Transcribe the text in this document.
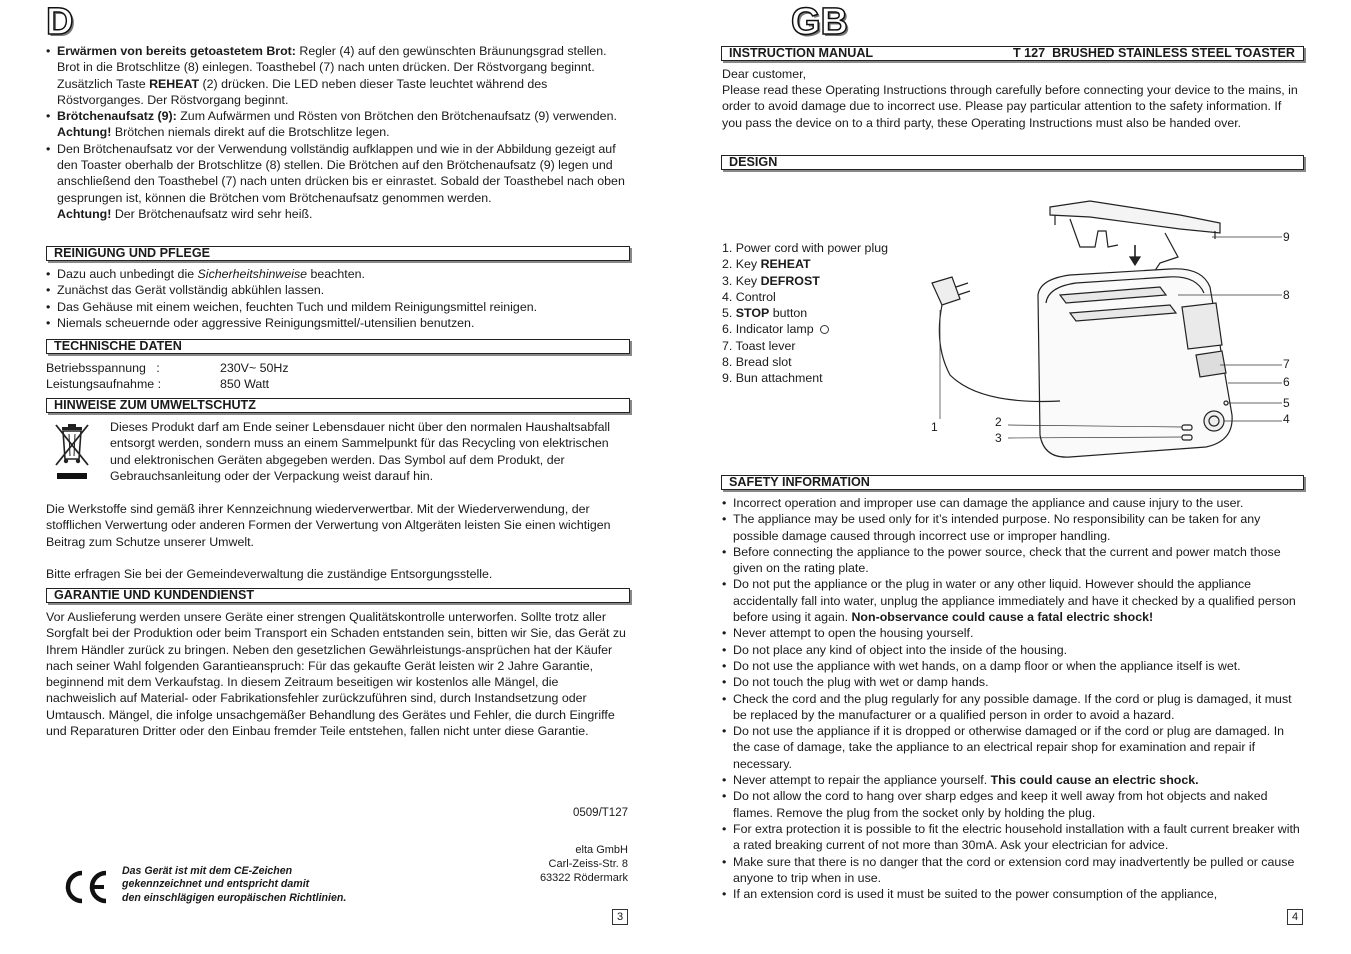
D
• Erwärmen von bereits getoastetem Brot: Regler (4) auf den gewünschten Bräunungsgrad stellen. Brot in die Brotschlitze (8) einlegen. Toasthebel (7) nach unten drücken. Der Röstvorgang beginnt. Zusätzlich Taste REHEAT (2) drücken. Die LED neben dieser Taste leuchtet während des Röstvorganges. Der Röstvorgang beginnt.
• Brötchenaufsatz (9): Zum Aufwärmen und Rösten von Brötchen den Brötchenaufsatz (9) verwenden. Achtung! Brötchen niemals direkt auf die Brotschlitze legen.
• Den Brötchenaufsatz vor der Verwendung vollständig aufklappen und wie in der Abbildung gezeigt auf den Toaster oberhalb der Brotschlitze (8) stellen. Die Brötchen auf den Brötchenaufsatz (9) legen und anschließend den Toasthebel (7) nach unten drücken bis er einrastet. Sobald der Toasthebel nach oben gesprungen ist, können die Brötchen vom Brötchenaufsatz genommen werden.
Achtung! Der Brötchenaufsatz wird sehr heiß.
REINIGUNG UND PFLEGE
• Dazu auch unbedingt die Sicherheitshinweise beachten.
• Zunächst das Gerät vollständig abkühlen lassen.
• Das Gehäuse mit einem weichen, feuchten Tuch und mildem Reinigungsmittel reinigen.
• Niemals scheuernde oder aggressive Reinigungsmittel/-utensilien benutzen.
TECHNISCHE DATEN
Betriebsspannung   :	230V~ 50Hz
Leistungsaufnahme :	850 Watt
HINWEISE ZUM UMWELTSCHUTZ
Dieses Produkt darf am Ende seiner Lebensdauer nicht über den normalen Haushaltsabfall entsorgt werden, sondern muss an einem Sammelpunkt für das Recycling von elektrischen und elektronischen Geräten abgegeben werden. Das Symbol auf dem Produkt, der Gebrauchsanleitung oder der Verpackung weist darauf hin.
Die Werkstoffe sind gemäß ihrer Kennzeichnung wiederverwertbar. Mit der Wiederverwendung, der stofflichen Verwertung oder anderen Formen der Verwertung von Altgeräten leisten Sie einen wichtigen Beitrag zum Schutze unserer Umwelt.
Bitte erfragen Sie bei der Gemeindeverwaltung die zuständige Entsorgungsstelle.
GARANTIE UND KUNDENDIENST
Vor Auslieferung werden unsere Geräte einer strengen Qualitätskontrolle unterworfen. Sollte trotz aller Sorgfalt bei der Produktion oder beim Transport ein Schaden entstanden sein, bitten wir Sie, das Gerät zu Ihrem Händler zurück zu bringen. Neben den gesetzlichen Gewährleistungs-ansprüchen hat der Käufer nach seiner Wahl folgenden Garantieanspruch: Für das gekaufte Gerät leisten wir 2 Jahre Garantie, beginnend mit dem Verkaufstag. In diesem Zeitraum beseitigen wir kostenlos alle Mängel, die nachweislich auf Material- oder Fabrikationsfehler zurückzuführen sind, durch Instandsetzung oder Umtausch. Mängel, die infolge unsachgemäßer Behandlung des Gerätes und Fehler, die durch Eingriffe und Reparaturen Dritter oder den Einbau fremder Teile entstehen, fallen nicht unter diese Garantie.
0509/T127
elta GmbH
Carl-Zeiss-Str. 8
63322 Rödermark
Das Gerät ist mit dem CE-Zeichen
gekennzeichnet und entspricht damit
den einschlägigen europäischen Richtlinien.
3
GB
INSTRUCTION MANUAL	T 127  BRUSHED STAINLESS STEEL TOASTER
Dear customer,
Please read these Operating Instructions through carefully before connecting your device to the mains, in order to avoid damage due to incorrect use. Please pay particular attention to the safety information. If you pass the device on to a third party, these Operating Instructions must also be handed over.
DESIGN
1. Power cord with power plug
2. Key REHEAT
3. Key DEFROST
4. Control
5. STOP button
6. Indicator lamp
7. Toast lever
8. Bread slot
9. Bun attachment
9
8
7
6
5
4
1	2
3
SAFETY INFORMATION
• Incorrect operation and improper use can damage the appliance and cause injury to the user.
• The appliance may be used only for it’s intended purpose. No responsibility can be taken for any possible damage caused through incorrect use or improper handling.
• Before connecting the appliance to the power source, check that the current and power match those given on the rating plate.
• Do not put the appliance or the plug in water or any other liquid. However should the appliance accidentally fall into water, unplug the appliance immediately and have it checked by a qualified person before using it again. Non-observance could cause a fatal electric shock!
• Never attempt to open the housing yourself.
• Do not place any kind of object into the inside of the housing.
• Do not use the appliance with wet hands, on a damp floor or when the appliance itself is wet.
• Do not touch the plug with wet or damp hands.
• Check the cord and the plug regularly for any possible damage. If the cord or plug is damaged, it must be replaced by the manufacturer or a qualified person in order to avoid a hazard.
• Do not use the appliance if it is dropped or otherwise damaged or if the cord or plug are damaged. In the case of damage, take the appliance to an electrical repair shop for examination and repair if necessary.
• Never attempt to repair the appliance yourself. This could cause an electric shock.
• Do not allow the cord to hang over sharp edges and keep it well away from hot objects and naked flames. Remove the plug from the socket only by holding the plug.
• For extra protection it is possible to fit the electric household installation with a fault current breaker with a rated breaking current of not more than 30mA. Ask your electrician for advice.
• Make sure that there is no danger that the cord or extension cord may inadvertently be pulled or cause anyone to trip when in use.
• If an extension cord is used it must be suited to the power consumption of the appliance,
4
